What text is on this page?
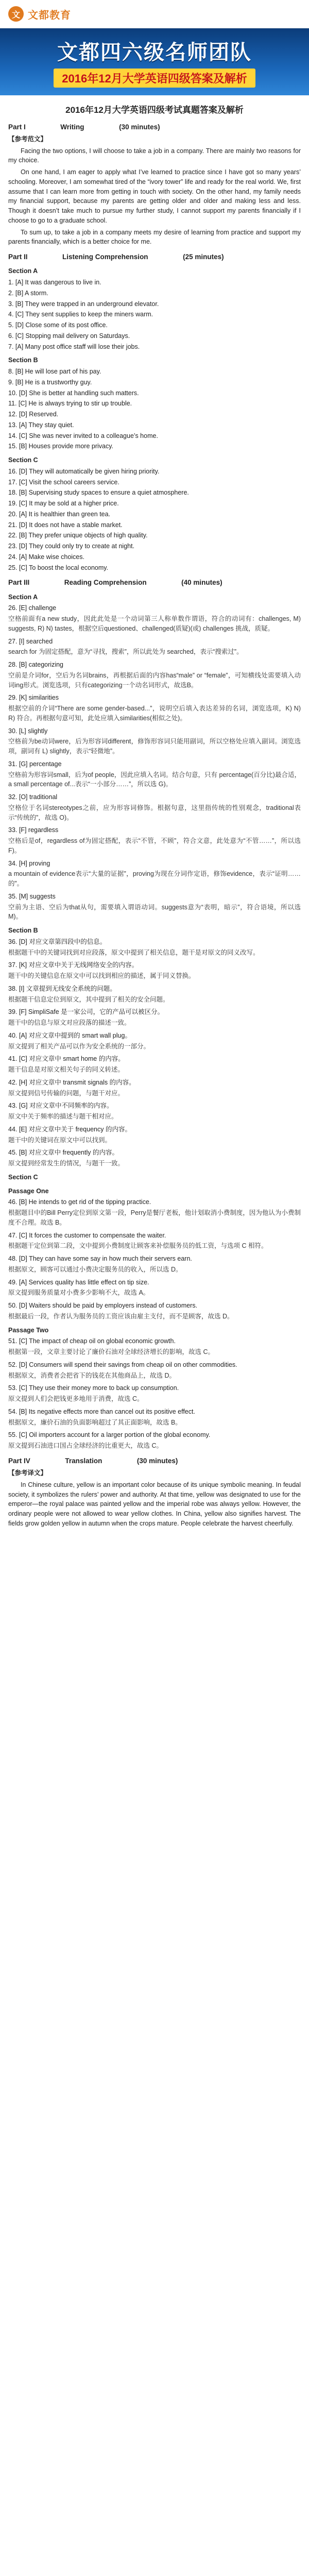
文 文都教育
文都四六级名师团队
2016年12月大学英语四级答案及解析
2016年12月大学英语四级考试真题答案及解析
Part I	Writing	(30 minutes)
【参考范文】
Facing the two options, I will choose to take a job in a company. There are mainly two reasons for my choice.
On one hand, I am eager to apply what I’ve learned to practice since I have got so many years’ schooling. Moreover, I am somewhat tired of the “ivory tower” life and ready for the real world. We, first assume that I can learn more from getting in touch with society. On the other hand, my family needs my financial support, because my parents are getting older and older and making less and less. Though it doesn’t take much to pursue my further study, I cannot support my parents financially if I choose to go to a graduate school.
To sum up, to take a job in a company meets my desire of learning from practice and support my parents financially, which is a better choice for me.
Part II	Listening Comprehension	(25 minutes)
Section A
1. [A] It was dangerous to live in.
2. [B] A storm.
3. [B] They were trapped in an underground elevator.
4. [C] They sent supplies to keep the miners warm.
5. [D] Close some of its post office.
6. [C] Stopping mail delivery on Saturdays.
7. [A] Many post office staff will lose their jobs.
Section B
8. [B] He will lose part of his pay.
9. [B] He is a trustworthy guy.
10. [D] She is better at handling such matters.
11. [C] He is always trying to stir up trouble.
12. [D] Reserved.
13. [A] They stay quiet.
14. [C] She was never invited to a colleague’s home.
15. [B] Houses provide more privacy.
Section C
16. [D] They will automatically be given hiring priority.
17. [C] Visit the school careers service.
18. [B] Supervising study spaces to ensure a quiet atmosphere.
19. [C] It may be sold at a higher price.
20. [A] It is healthier than green tea.
21. [D] It does not have a stable market.
22. [B] They prefer unique objects of high quality.
23. [D] They could only try to create at night.
24. [A] Make wise choices.
25. [C] To boost the local economy.
Part III	Reading Comprehension	(40 minutes)
Section A
26. [E] challenge
空格前面有a new study，因此此处是一个动词第三人称单数作谓语，符合的动词有：challenges, M) suggests, R) N) tastes，根据空后questioned、challenged(质疑)(或) challenges 挑战，质疑。
27. [I] searched
search for 为固定搭配，意为“寻找，搜索”，所以此处为 searched，表示“搜索过”。
28. [B] categorizing
空前是介词for，空后为名词brains，再根据后面的内容has“male” or “female”，可知横线处需要填入动词ing形式。浏览选项，只有categorizing一个动名词形式，故选B。
29. [K] similarities
根据空前的介词“There are some gender-based...”，说明空后填入表达差异的名词，浏览选项，K) N) R) 符合。再根据句意可知，此处应填入similarities(相似之处)。
30. [L] slightly
空格前为be动词were，后为形容词different，修饰形容词只能用副词，所以空格处应填入副词。浏览选项，副词有 L) slightly，表示“轻微地”。
31. [G] percentage
空格前为形容词small，后为of people，因此应填入名词。结合句意，只有 percentage(百分比)最合适，a small percentage of...表示“一小部分……”，所以选 G)。
32. [O] traditional
空格位于名词stereotypes之前，应为形容词修饰。根据句意，这里指传统的性别观念，traditional表示“传统的”，故选 O)。
33. [F] regardless
空格后是of，regardless of为固定搭配，表示“不管，不顾”，符合文意，此处意为“不管……”，所以选 F)。
34. [H] proving
a mountain of evidence表示“大量的证据”，proving为现在分词作定语，修饰evidence，表示“证明……的”。
35. [M] suggests
空前为主语、空后为that从句，需要填入谓语动词。suggests意为“表明，暗示”，符合语境，所以选 M)。
Section B
36. [D] 对应文章第四段中的信息。
根据题干中的关键词找到对应段落，原文中提到了相关信息，题干是对原文的同义改写。
37. [K] 对应文章中关于无线网络安全的内容。
题干中的关键信息在原文中可以找到相应的描述，属于同义替换。
38. [I] 文章提到无线安全系统的问题。
根据题干信息定位到原文，其中提到了相关的安全问题。
39. [F] SimpliSafe 是一家公司，它的产品可以被区分。
题干中的信息与原文对应段落的描述一致。
40. [A] 对应文章中提到的 smart wall plug。
原文提到了相关产品可以作为安全系统的一部分。
41. [C] 对应文章中 smart home 的内容。
题干信息是对原文相关句子的同义转述。
42. [H] 对应文章中 transmit signals 的内容。
原文提到信号传输的问题，与题干对应。
43. [G] 对应文章中不同频率的内容。
原文中关于频率的描述与题干相对应。
44. [E] 对应文章中关于 frequency 的内容。
题干中的关键词在原文中可以找到。
45. [B] 对应文章中 frequently 的内容。
原文提到经常发生的情况，与题干一致。
Section C
Passage One
46. [B] He intends to get rid of the tipping practice.
根据题目中的Bill Perry定位到原文第一段，Perry是餐厅老板，他计划取消小费制度，因为他认为小费制度不合理。故选 B。
47. [C] It forces the customer to compensate the waiter.
根据题干定位到第二段，文中提到小费制度让顾客来补偿服务员的低工资，与选项 C 相符。
48. [D] They can have some say in how much their servers earn.
根据原文，顾客可以通过小费决定服务员的收入，所以选 D。
49. [A] Services quality has little effect on tip size.
原文提到服务质量对小费多少影响不大，故选 A。
50. [D] Waiters should be paid by employers instead of customers.
根据最后一段，作者认为服务员的工资应该由雇主支付，而不是顾客，故选 D。
Passage Two
51. [C] The impact of cheap oil on global economic growth.
根据第一段，文章主要讨论了廉价石油对全球经济增长的影响，故选 C。
52. [D] Consumers will spend their savings from cheap oil on other commodities.
根据原文，消费者会把省下的钱花在其他商品上，故选 D。
53. [C] They use their money more to back up consumption.
原文提到人们会把钱更多地用于消费，故选 C。
54. [B] Its negative effects more than cancel out its positive effect.
根据原文，廉价石油的负面影响超过了其正面影响，故选 B。
55. [C] Oil importers account for a larger portion of the global economy.
原文提到石油进口国占全球经济的比重更大，故选 C。
Part IV	Translation	(30 minutes)
【参考译文】
In Chinese culture, yellow is an important color because of its unique symbolic meaning. In feudal society, it symbolizes the rulers’ power and authority. At that time, yellow was designated to use for the emperor—the royal palace was painted yellow and the imperial robe was always yellow. However, the ordinary people were not allowed to wear yellow clothes. In China, yellow also signifies harvest. The fields grow golden yellow in autumn when the crops mature. People celebrate the harvest cheerfully.
